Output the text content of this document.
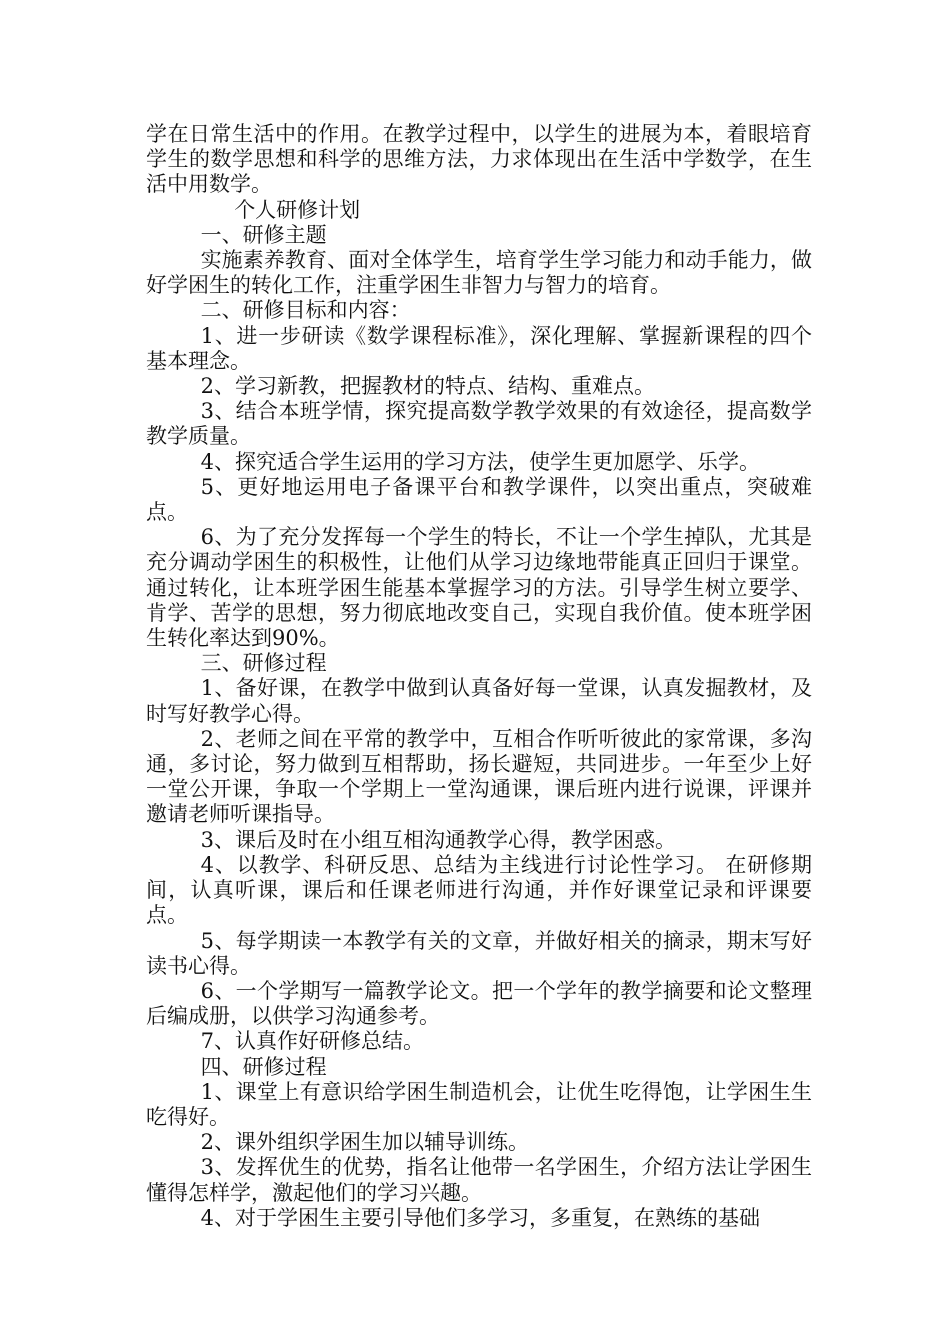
学在日常生活中的作用。在教学过程中，以学生的进展为本，着眼培育学生的数学思想和科学的思维方法，力求体现出在生活中学数学，在生活中用数学。

个人研修计划

一、研修主题

实施素养教育、面对全体学生，培育学生学习能力和动手能力，做好学困生的转化工作，注重学困生非智力与智力的培育。

二、研修目标和内容：

1、进一步研读《数学课程标准》，深化理解、掌握新课程的四个基本理念。

2、学习新教，把握教材的特点、结构、重难点。

3、结合本班学情，探究提高数学教学效果的有效途径，提高数学教学质量。

4、探究适合学生运用的学习方法，使学生更加愿学、乐学。

5、更好地运用电子备课平台和教学课件，以突出重点，突破难点。

6、为了充分发挥每一个学生的特长，不让一个学生掉队，尤其是充分调动学困生的积极性，让他们从学习边缘地带能真正回归于课堂。通过转化，让本班学困生能基本掌握学习的方法。引导学生树立要学、肯学、苦学的思想，努力彻底地改变自己，实现自我价值。使本班学困生转化率达到90%。

三、研修过程

1、备好课，在教学中做到认真备好每一堂课，认真发掘教材，及时写好教学心得。

2、老师之间在平常的教学中，互相合作听听彼此的家常课，多沟通，多讨论，努力做到互相帮助，扬长避短，共同进步。一年至少上好一堂公开课，争取一个学期上一堂沟通课，课后班内进行说课，评课并邀请老师听课指导。

3、课后及时在小组互相沟通教学心得，教学困惑。

4、以教学、科研反思、总结为主线进行讨论性学习。 在研修期间，认真听课，课后和任课老师进行沟通，并作好课堂记录和评课要点。

5、每学期读一本教学有关的文章，并做好相关的摘录，期末写好读书心得。

6、一个学期写一篇教学论文。把一个学年的教学摘要和论文整理后编成册，以供学习沟通参考。

7、认真作好研修总结。

四、研修过程

1、课堂上有意识给学困生制造机会，让优生吃得饱，让学困生生吃得好。

2、课外组织学困生加以辅导训练。

3、发挥优生的优势，指名让他带一名学困生，介绍方法让学困生懂得怎样学，激起他们的学习兴趣。

4、对于学困生主要引导他们多学习，多重复，在熟练的基础
